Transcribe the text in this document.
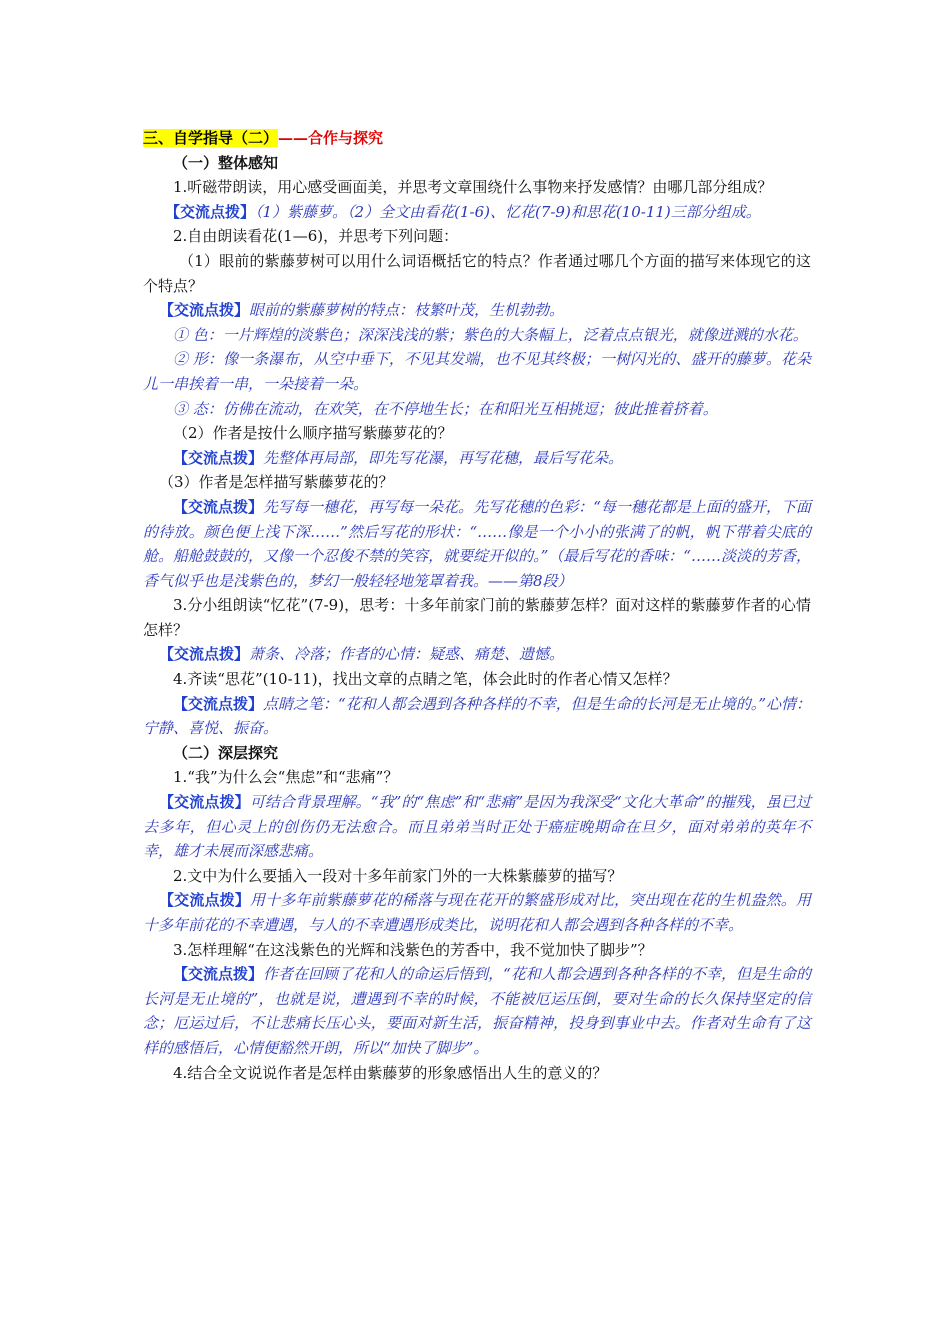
三、自学指导（二）——合作与探究

（一）整体感知

1.听磁带朗读，用心感受画面美，并思考文章围绕什么事物来抒发感情？由哪几部分组成？

【交流点拨】（1）紫藤萝。（2）全文由看花(1-6)、忆花(7-9)和思花(10-11)三部分组成。

2.自由朗读看花(1—6)，并思考下列问题：

（1）眼前的紫藤萝树可以用什么词语概括它的特点？作者通过哪几个方面的描写来体现它的这个特点？

【交流点拨】眼前的紫藤萝树的特点：枝繁叶茂，生机勃勃。

① 色：一片辉煌的淡紫色；深深浅浅的紫；紫色的大条幅上，泛着点点银光，就像迸溅的水花。

② 形：像一条瀑布，从空中垂下，不见其发端，也不见其终极；一树闪光的、盛开的藤萝。花朵儿一串挨着一串，一朵接着一朵。

③ 态：仿佛在流动，在欢笑，在不停地生长；在和阳光互相挑逗；彼此推着挤着。

（2）作者是按什么顺序描写紫藤萝花的？

【交流点拨】先整体再局部，即先写花瀑，再写花穗，最后写花朵。

（3）作者是怎样描写紫藤萝花的？

【交流点拨】先写每一穗花，再写每一朵花。先写花穗的色彩：“每一穗花都是上面的盛开，下面的待放。颜色便上浅下深……”然后写花的形状：“……像是一个小小的张满了的帆，帆下带着尖底的舱。船舱鼓鼓的，又像一个忍俊不禁的笑容，就要绽开似的。”（最后写花的香味：“……淡淡的芳香，香气似乎也是浅紫色的，梦幻一般轻轻地笼罩着我。——第8段）

3.分小组朗读“忆花”(7-9)，思考：十多年前家门前的紫藤萝怎样？面对这样的紫藤萝作者的心情怎样？

【交流点拨】萧条、冷落；作者的心情：疑惑、痛楚、遗憾。

4.齐读“思花”(10-11)，找出文章的点睛之笔，体会此时的作者心情又怎样？

【交流点拨】点睛之笔：“花和人都会遇到各种各样的不幸，但是生命的长河是无止境的。”心情：宁静、喜悦、振奋。

（二）深层探究

1.“我”为什么会“焦虑”和“悲痛”？

【交流点拨】可结合背景理解。“我”的“焦虑”和“悲痛”是因为我深受“文化大革命”的摧残，虽已过去多年，但心灵上的创伤仍无法愈合。而且弟弟当时正处于癌症晚期命在旦夕，面对弟弟的英年不幸，雄才未展而深感悲痛。

2.文中为什么要插入一段对十多年前家门外的一大株紫藤萝的描写？

【交流点拨】用十多年前紫藤萝花的稀落与现在花开的繁盛形成对比，突出现在花的生机盎然。用十多年前花的不幸遭遇，与人的不幸遭遇形成类比，说明花和人都会遇到各种各样的不幸。

3.怎样理解“在这浅紫色的光辉和浅紫色的芳香中，我不觉加快了脚步”？

【交流点拨】作者在回顾了花和人的命运后悟到，“花和人都会遇到各种各样的不幸，但是生命的长河是无止境的”，也就是说，遭遇到不幸的时候，不能被厄运压倒，要对生命的长久保持坚定的信念；厄运过后，不让悲痛长压心头，要面对新生活，振奋精神，投身到事业中去。作者对生命有了这样的感悟后，心情便豁然开朗，所以“加快了脚步”。

4.结合全文说说作者是怎样由紫藤萝的形象感悟出人生的意义的？
